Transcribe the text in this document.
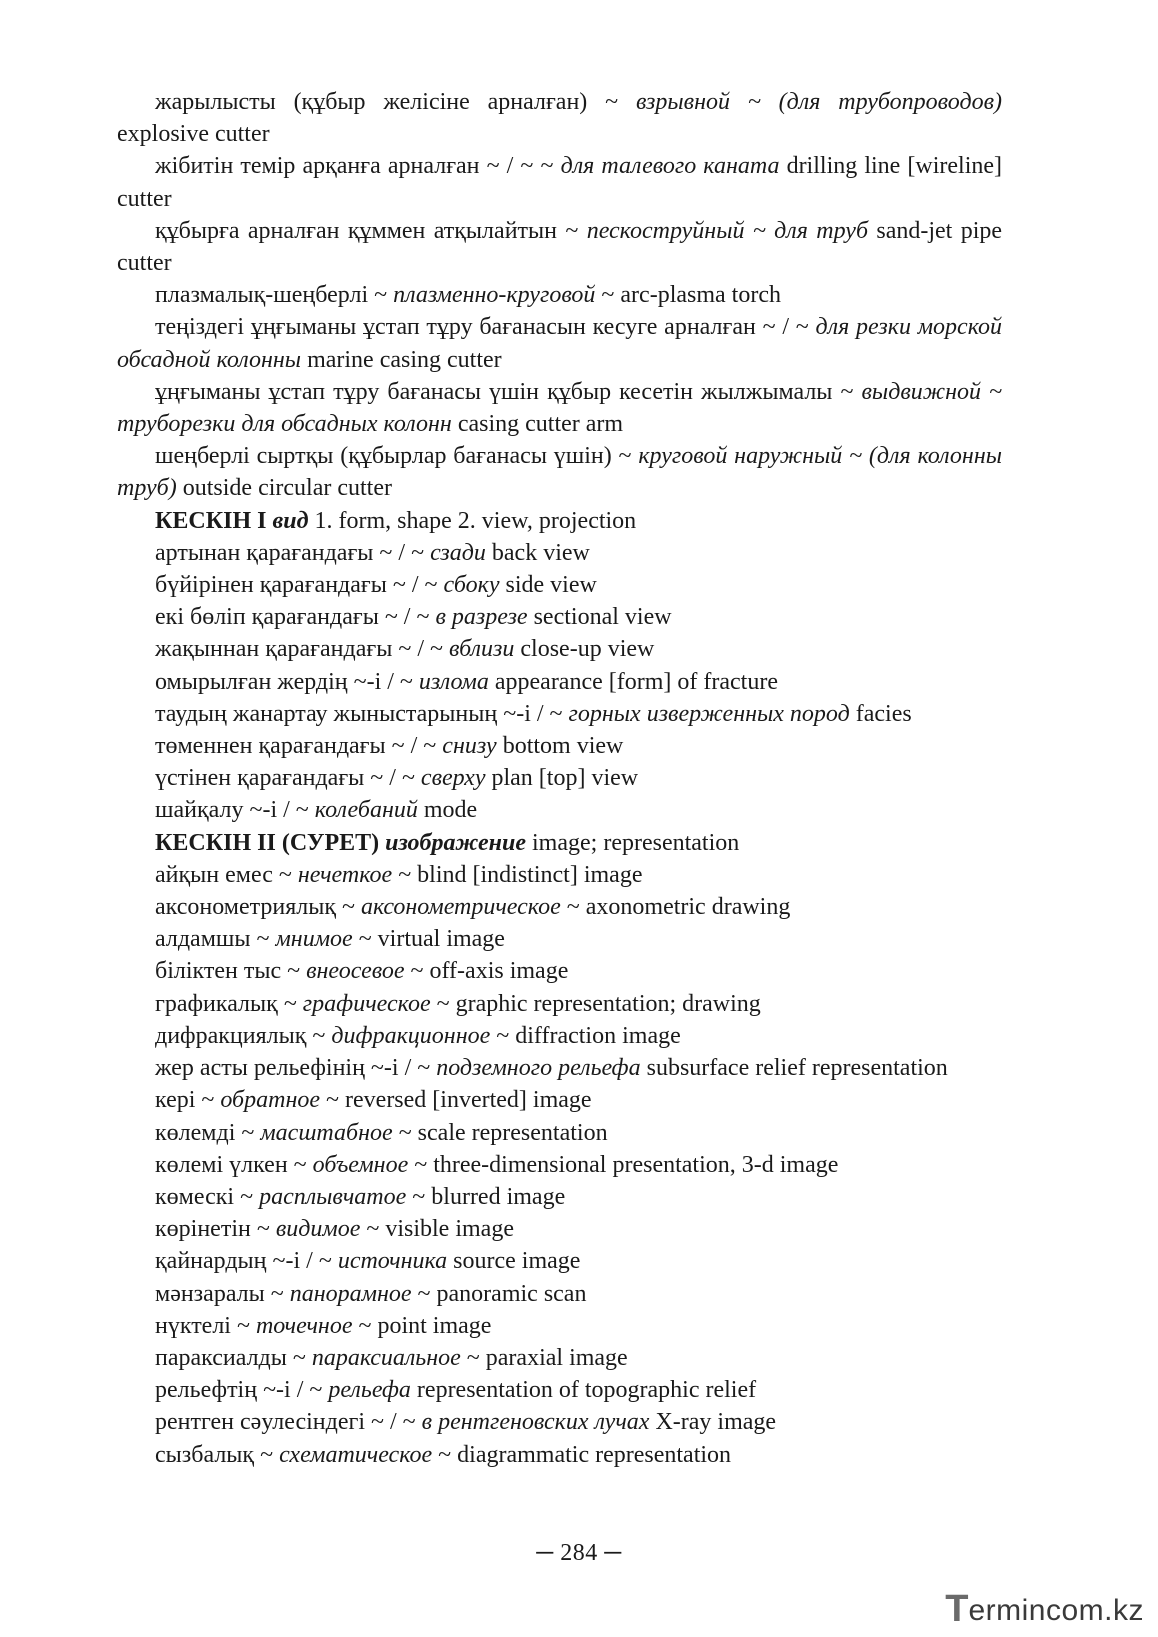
жарылысты (құбыр желісіне арналған) ~ взрывной ~ (для трубопроводов) explosive cutter

жібитін темір арқанға арналған ~ / ~ ~ для талевого каната drilling line [wireline] cutter

құбырға арналған құммен атқылайтын ~ пескоструйный ~ для труб sand-jet pipe cutter

плазмалық-шеңберлі ~ плазменно-круговой ~ arc-plasma torch

теңіздегі ұңғыманы ұстап тұру бағанасын кесуге арналған ~ / ~ для резки морской обсадной колонны marine casing cutter

ұңғыманы ұстап тұру бағанасы үшін құбыр кесетін жылжымалы ~ выдвижной ~ труборезки для обсадных колонн casing cutter arm

шеңберлі сыртқы (құбырлар бағанасы үшін) ~ круговой наружный ~ (для колонны труб) outside circular cutter

КЕСКІН І вид 1. form, shape 2. view, projection

артынан қарағандағы ~ / ~ сзади back view

бүйірінен қарағандағы ~ / ~ сбоку side view

екі бөліп қарағандағы ~ / ~ в разрезе sectional view

жақыннан қарағандағы ~ / ~ вблизи close-up view

омырылған жердің ~-і / ~ излома appearance [form] of fracture

таудың жанартау жыныстарының ~-і / ~ горных изверженных пород facies

төменнен қарағандағы ~ / ~ снизу bottom view

үстінен қарағандағы ~ / ~ сверху plan [top] view

шайқалу ~-і / ~ колебаний mode

КЕСКІН ІІ (СУРЕТ) изображение image; representation

айқын емес ~ нечеткое ~ blind [indistinct] image

аксонометриялық ~ аксонометрическое ~ axonometric drawing

алдамшы ~ мнимое ~ virtual image

біліктен тыс ~ внеосевое ~ off-axis image

графикалық ~ графическое ~ graphic representation; drawing

дифракциялық ~ дифракционное ~ diffraction image

жер асты рельефінің ~-і / ~ подземного рельефа subsurface relief representation

кері ~ обратное ~ reversed [inverted] image

көлемді ~ масштабное ~ scale representation

көлемі үлкен ~ объемное ~ three-dimensional presentation, 3-d image

көмескі ~ расплывчатое ~ blurred image

көрінетін ~ видимое ~ visible image

қайнардың ~-і / ~ источника source image

мәнзаралы ~ панорамное ~ panoramic scan

нүктелі ~ точечное ~ point image

параксиалды ~ параксиальное ~ paraxial image

рельефтің ~-і / ~ рельефа representation of topographic relief

рентген сәулесіндегі ~ / ~ в рентгеновских лучах X-ray image

сызбалық ~ схематическое ~ diagrammatic representation

─ 284 ─
T ermincom .kz
